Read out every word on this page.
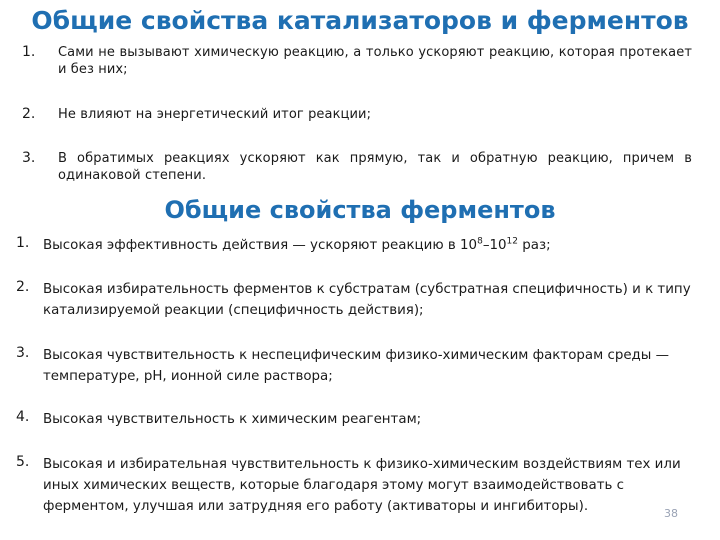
Общие свойства катализаторов и ферментов
1. Сами не вызывают химическую реакцию, а только ускоряют реакцию, которая протекает и без них;
2. Не влияют на энергетический итог реакции;
3. В обратимых реакциях ускоряют как прямую, так и обратную реакцию, причем в одинаковой степени.
Общие свойства ферментов
1. Высокая эффективность действия — ускоряют реакцию в $10^8-10^{12}$ раз;
2. Высокая избирательность ферментов к субстратам (субстратная специфичность) и к типу катализируемой реакции (специфичность действия);
3. Высокая чувствительность к неспецифическим физико-химическим факторам среды — температуре, pH, ионной силе раствора;
4. Высокая чувствительность к химическим реагентам;
5. Высокая и избирательная чувствительность к физико-химическим воздействиям тех или иных химических веществ, которые благодаря этому могут взаимодействовать с ферментом, улучшая или затрудняя его работу (активаторы и ингибиторы).	38
